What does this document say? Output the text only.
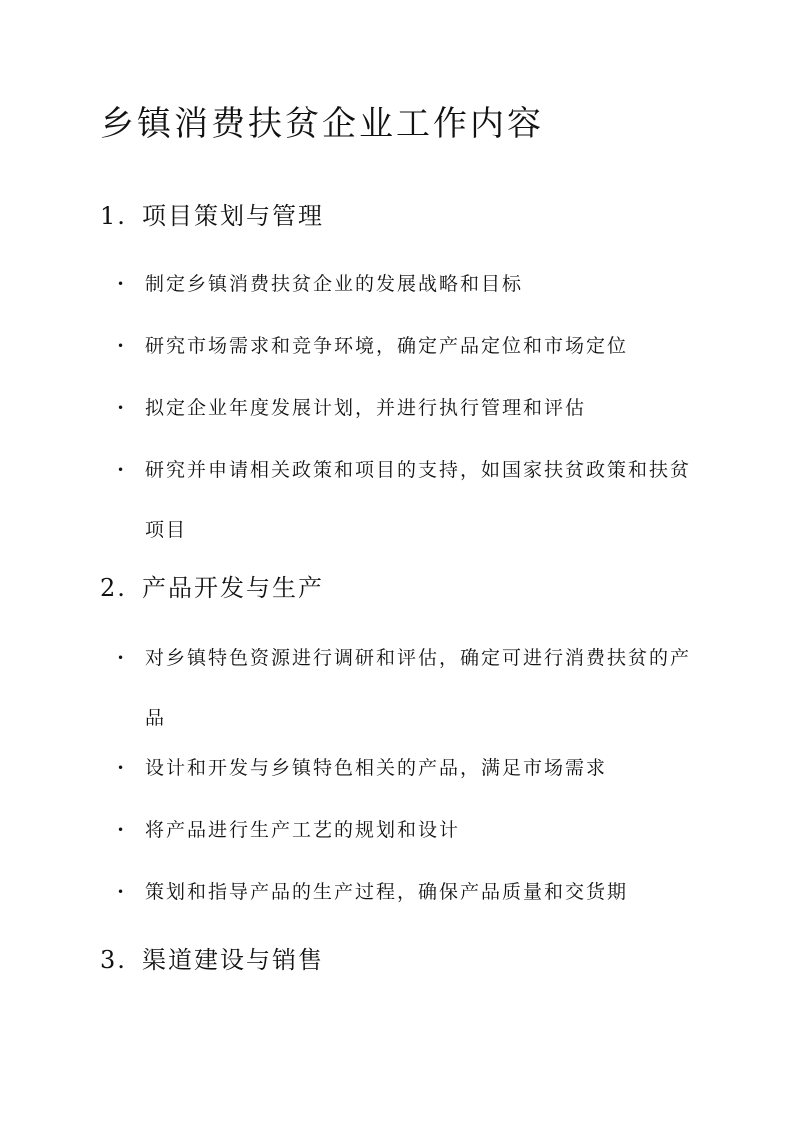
乡镇消费扶贫企业工作内容
1. 项目策划与管理
• 制定乡镇消费扶贫企业的发展战略和目标
• 研究市场需求和竞争环境，确定产品定位和市场定位
• 拟定企业年度发展计划，并进行执行管理和评估
• 研究并申请相关政策和项目的支持，如国家扶贫政策和扶贫项目
2. 产品开发与生产
• 对乡镇特色资源进行调研和评估，确定可进行消费扶贫的产品
• 设计和开发与乡镇特色相关的产品，满足市场需求
• 将产品进行生产工艺的规划和设计
• 策划和指导产品的生产过程，确保产品质量和交货期
3. 渠道建设与销售
